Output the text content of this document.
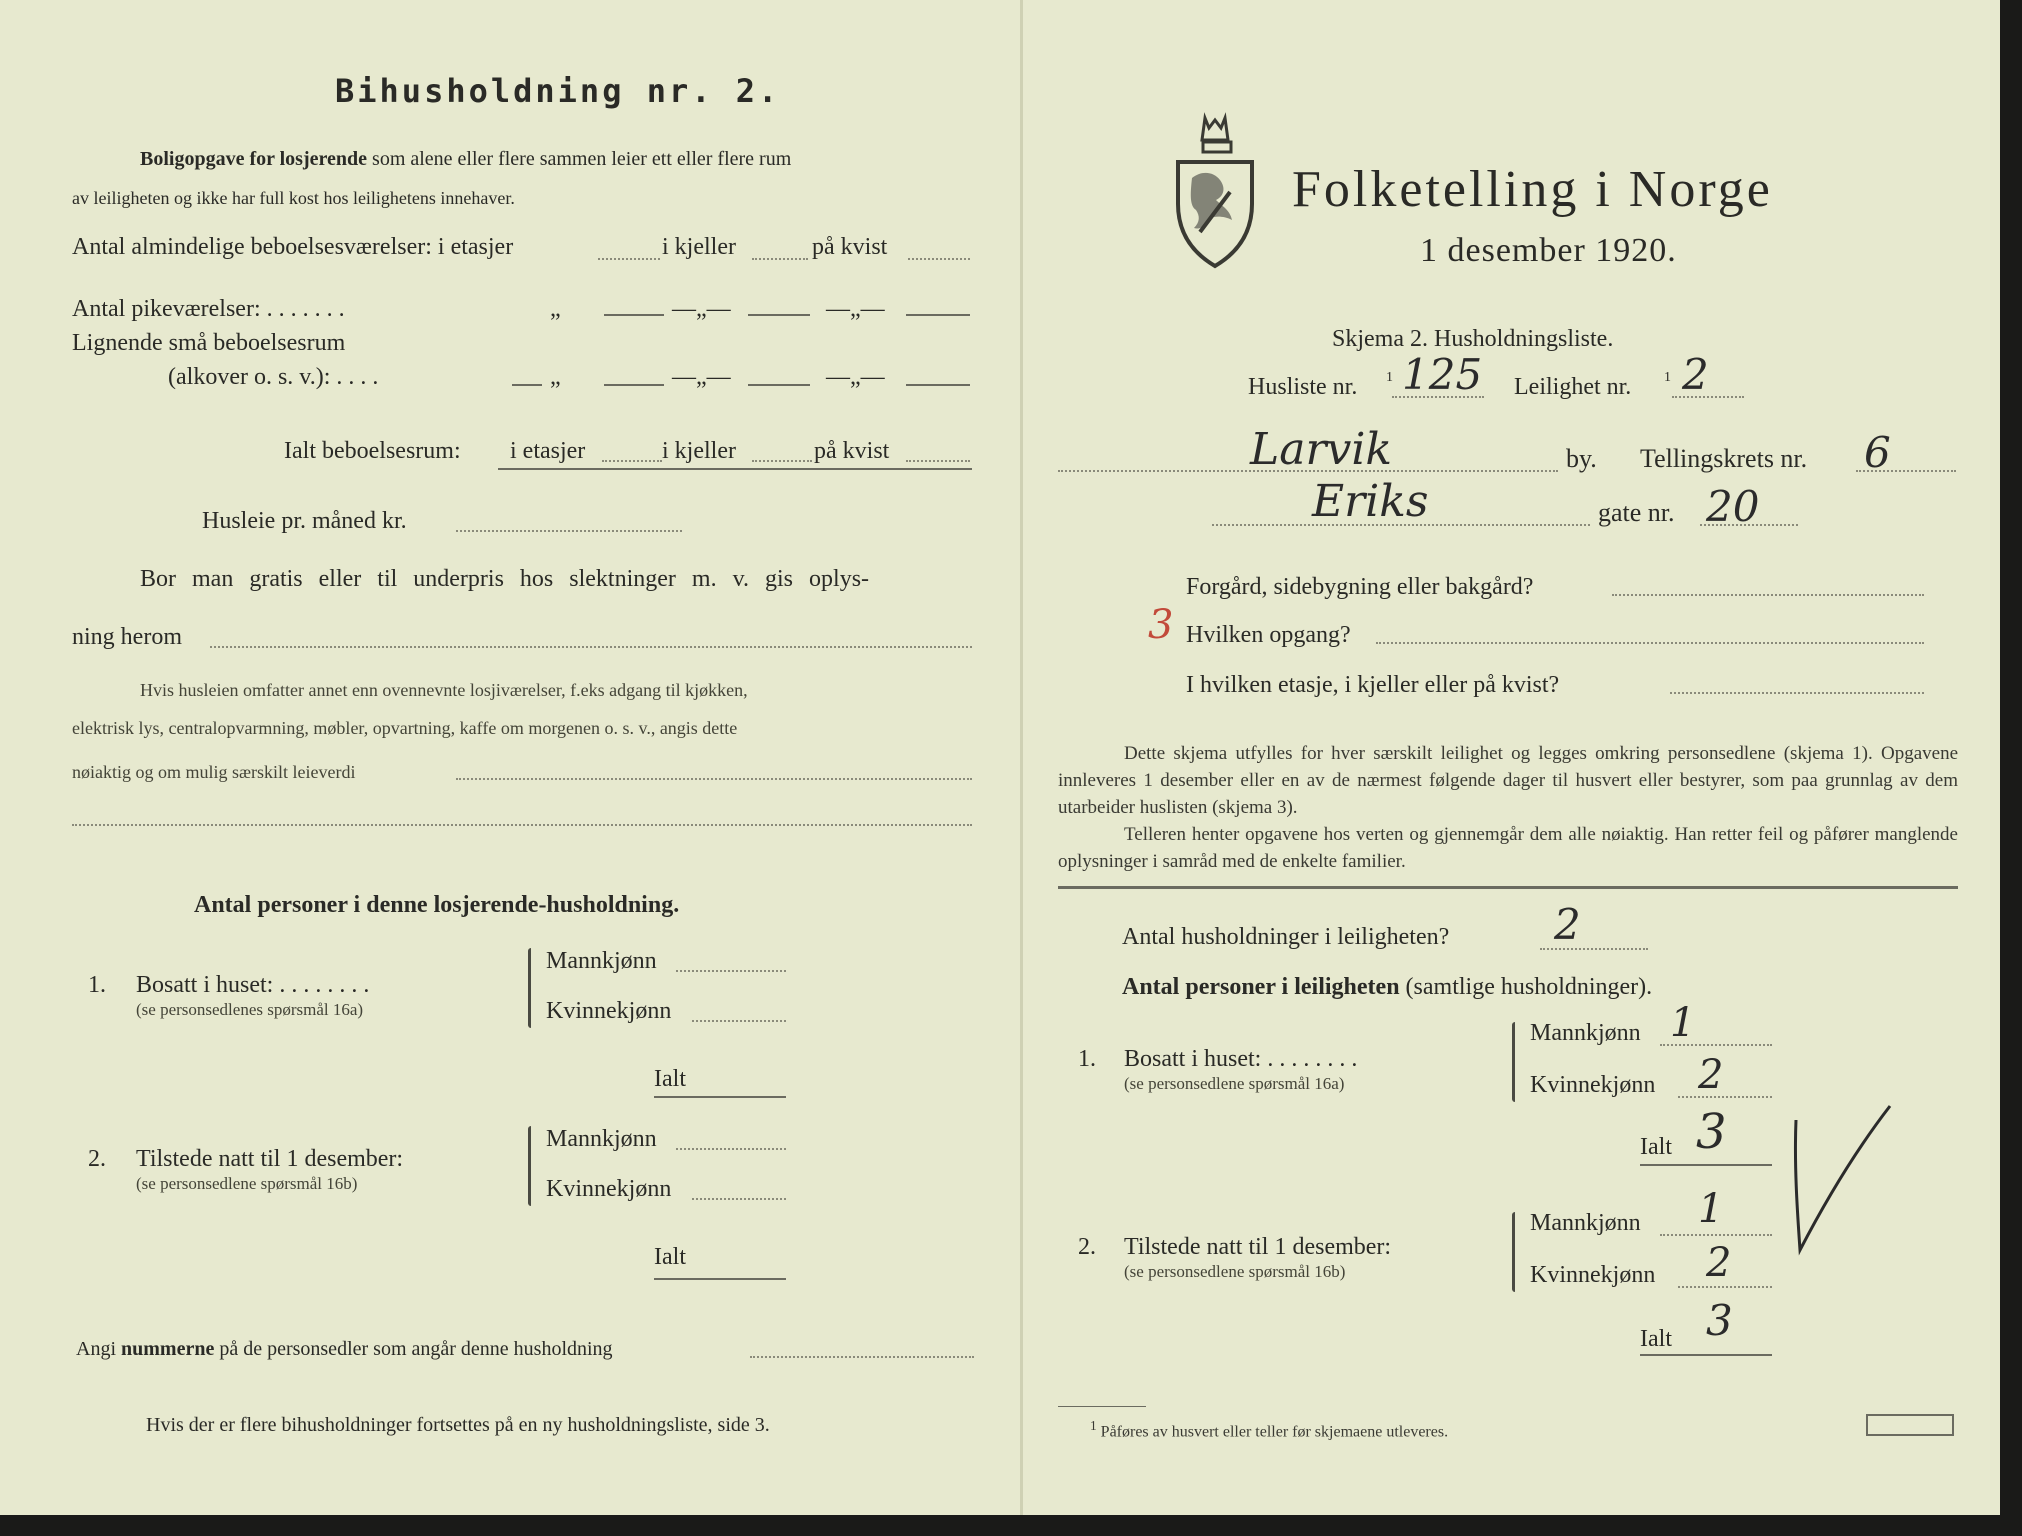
Bihusholdning nr. 2.
Boligopgave for losjerende som alene eller flere sammen leier ett eller flere rum
av leiligheten og ikke har full kost hos leilighetens innehaver.
Antal almindelige beboelsesværelser: i etasjer	i kjeller	på kvist
Antal pikeværelser: . . . . . . .	„	—„—	—„—
Lignende små beboelsesrum
(alkover o. s. v.): . . . .	„	—„—	—„—
Ialt beboelsesrum: i etasjer	i kjeller	på kvist
Husleie pr. måned kr.
Bor man gratis eller til underpris hos slektninger m. v. gis oplys-
ning herom
Hvis husleien omfatter annet enn ovennevnte losjiværelser, f.eks adgang til kjøkken,
elektrisk lys, centralopvarmning, møbler, opvartning, kaffe om morgenen o. s. v., angis dette
nøiaktig og om mulig særskilt leieverdi
Antal personer i denne losjerende-husholdning.
1. Bosatt i huset: . . . . . . . .
(se personsedlenes spørsmål 16a)
Mannkjønn
Kvinnekjønn
Ialt
2. Tilstede natt til 1 desember:
(se personsedlene spørsmål 16b)
Mannkjønn
Kvinnekjønn
Ialt
Angi nummerne på de personsedler som angår denne husholdning
Hvis der er flere bihusholdninger fortsettes på en ny husholdningsliste, side 3.
Folketelling i Norge
1 desember 1920.
Skjema 2. Husholdningsliste.
Husliste nr. 1 125 Leilighet nr. 1 2
Larvik	by. Tellingskrets nr. 6
Eriks	gate nr. 20
Forgård, sidebygning eller bakgård?
3 Hvilken opgang?
I hvilken etasje, i kjeller eller på kvist?
Dette skjema utfylles for hver særskilt leilighet og legges omkring personsedlene (skjema 1). Opgavene innleveres 1 desember eller en av de nærmest følgende dager til husvert eller bestyrer, som paa grunnlag av dem utarbeider huslisten (skjema 3).
Telleren henter opgavene hos verten og gjennemgår dem alle nøiaktig. Han retter feil og påfører manglende oplysninger i samråd med de enkelte familier.
Antal husholdninger i leiligheten? 2
Antal personer i leiligheten (samtlige husholdninger).
1. Bosatt i huset: . . . . . . . .
(se personsedlene spørsmål 16a)
Mannkjønn 1
Kvinnekjønn 2
Ialt 3
2. Tilstede natt til 1 desember:
(se personsedlene spørsmål 16b)
Mannkjønn 1
Kvinnekjønn 2
Ialt 3
$^1$ Påføres av husvert eller teller før skjemaene utleveres.
